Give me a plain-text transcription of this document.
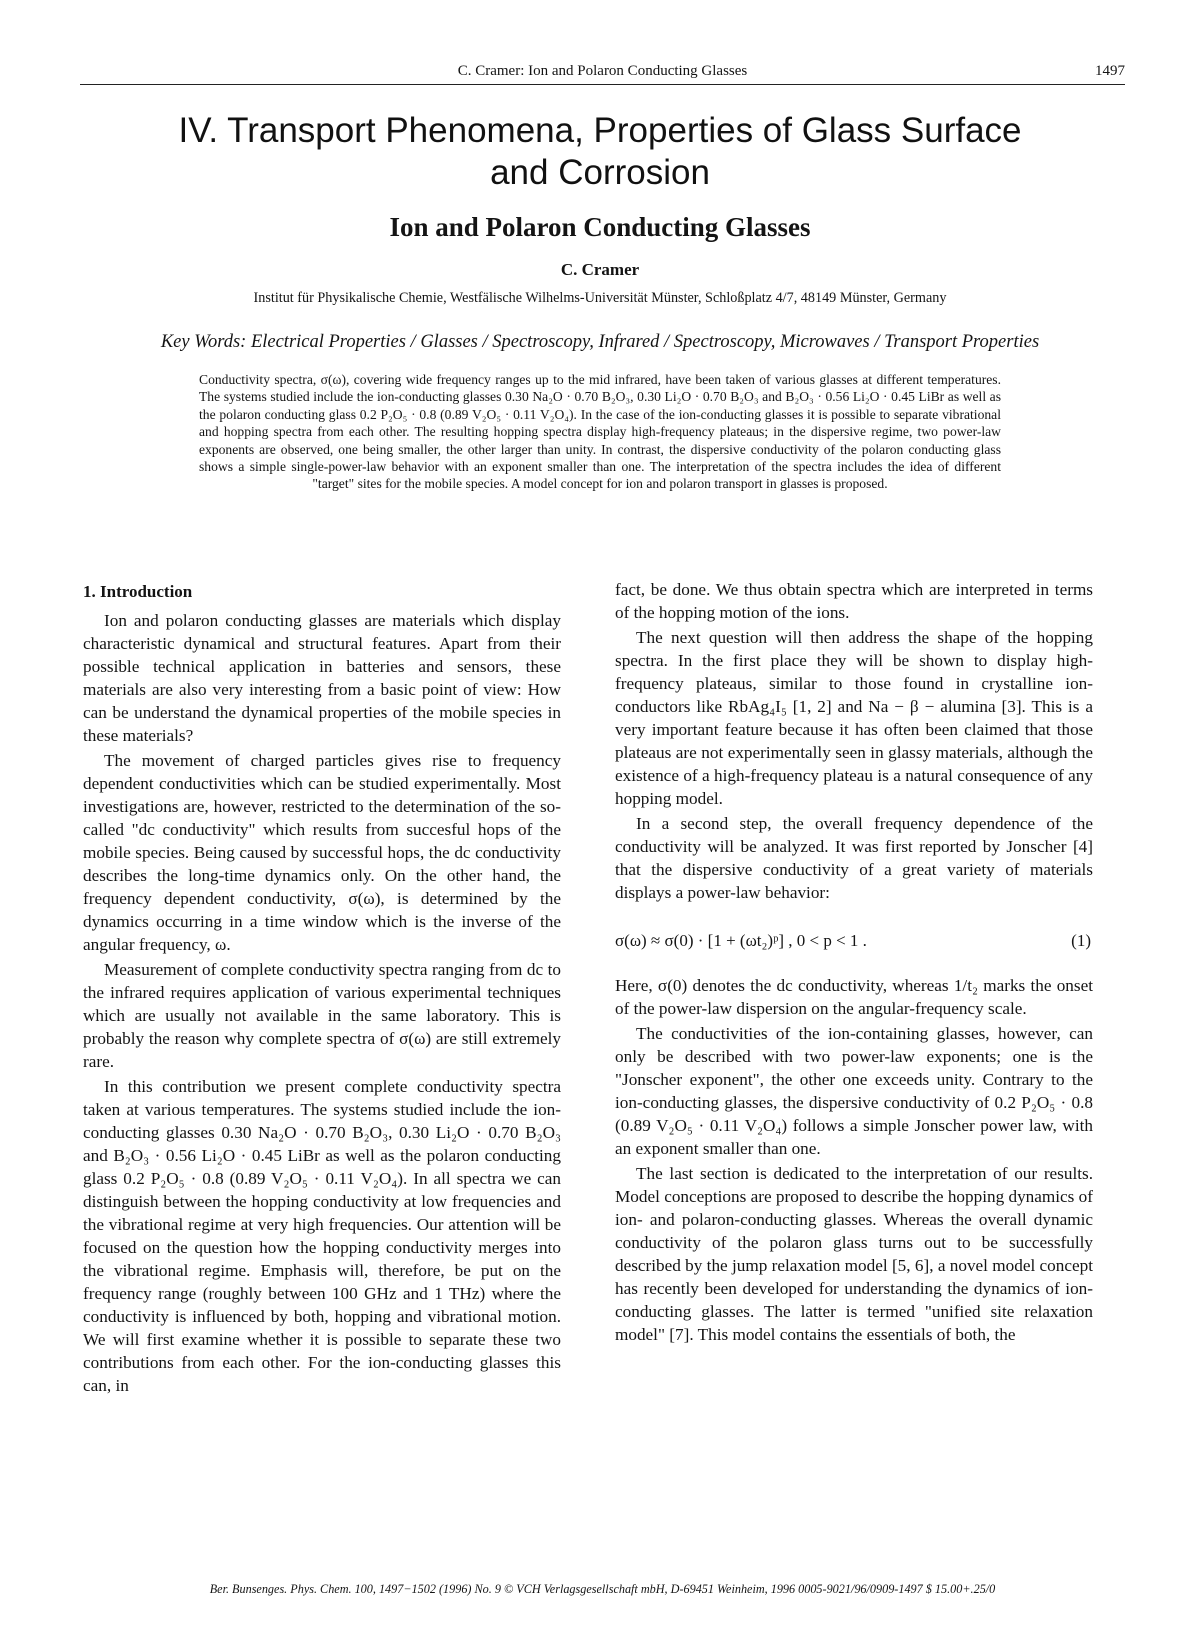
C. Cramer: Ion and Polaron Conducting Glasses	1497
IV. Transport Phenomena, Properties of Glass Surface
and Corrosion
Ion and Polaron Conducting Glasses
C. Cramer
Institut für Physikalische Chemie, Westfälische Wilhelms-Universität Münster, Schloßplatz 4/7, 48149 Münster, Germany
Key Words: Electrical Properties / Glasses / Spectroscopy, Infrared / Spectroscopy, Microwaves / Transport Properties
Conductivity spectra, σ(ω), covering wide frequency ranges up to the mid infrared, have been taken of various glasses at different temperatures. The systems studied include the ion-conducting glasses 0.30 Na₂O · 0.70 B₂O₃, 0.30 Li₂O · 0.70 B₂O₃ and B₂O₃ · 0.56 Li₂O · 0.45 LiBr as well as the polaron conducting glass 0.2 P₂O₅ · 0.8 (0.89 V₂O₅ · 0.11 V₂O₄). In the case of the ion-conducting glasses it is possible to separate vibrational and hopping spectra from each other. The resulting hopping spectra display high-frequency plateaus; in the dispersive regime, two power-law exponents are observed, one being smaller, the other larger than unity. In contrast, the dispersive conductivity of the polaron conducting glass shows a simple single-power-law behavior with an exponent smaller than one. The interpretation of the spectra includes the idea of different "target" sites for the mobile species. A model concept for ion and polaron transport in glasses is proposed.
1. Introduction

Ion and polaron conducting glasses are materials which display characteristic dynamical and structural features. Apart from their possible technical application in batteries and sensors, these materials are also very interesting from a basic point of view: How can be understand the dynamical properties of the mobile species in these materials?

The movement of charged particles gives rise to frequency dependent conductivities which can be studied experimentally. Most investigations are, however, restricted to the determination of the so-called "dc conductivity" which results from succesful hops of the mobile species. Being caused by successful hops, the dc conductivity describes the long-time dynamics only. On the other hand, the frequency dependent conductivity, σ(ω), is determined by the dynamics occurring in a time window which is the inverse of the angular frequency, ω.

Measurement of complete conductivity spectra ranging from dc to the infrared requires application of various experimental techniques which are usually not available in the same laboratory. This is probably the reason why complete spectra of σ(ω) are still extremely rare.

In this contribution we present complete conductivity spectra taken at various temperatures. The systems studied include the ion-conducting glasses 0.30 Na₂O · 0.70 B₂O₃, 0.30 Li₂O · 0.70 B₂O₃ and B₂O₃ · 0.56 Li₂O · 0.45 LiBr as well as the polaron conducting glass 0.2 P₂O₅ · 0.8 (0.89 V₂O₅ · 0.11 V₂O₄). In all spectra we can distinguish between the hopping conductivity at low frequencies and the vibrational regime at very high frequencies. Our attention will be focused on the question how the hopping conductivity merges into the vibrational regime. Emphasis will, therefore, be put on the frequency range (roughly between 100 GHz and 1 THz) where the conductivity is influenced by both, hopping and vibrational motion. We will first examine whether it is possible to separate these two contributions from each other. For the ion-conducting glasses this can, in

fact, be done. We thus obtain spectra which are interpreted in terms of the hopping motion of the ions.

The next question will then address the shape of the hopping spectra. In the first place they will be shown to display high-frequency plateaus, similar to those found in crystalline ion-conductors like RbAg₄I₅ [1, 2] and Na − β − alumina [3]. This is a very important feature because it has often been claimed that those plateaus are not experimentally seen in glassy materials, although the existence of a high-frequency plateau is a natural consequence of any hopping model.

In a second step, the overall frequency dependence of the conductivity will be analyzed. It was first reported by Jonscher [4] that the dispersive conductivity of a great variety of materials displays a power-law behavior:

σ(ω) ≈ σ(0) · [1 + (ωt₂)ᵖ] , 0 < p < 1 .	(1)

Here, σ(0) denotes the dc conductivity, whereas 1/t₂ marks the onset of the power-law dispersion on the angular-frequency scale.

The conductivities of the ion-containing glasses, however, can only be described with two power-law exponents; one is the "Jonscher exponent", the other one exceeds unity. Contrary to the ion-conducting glasses, the dispersive conductivity of 0.2 P₂O₅ · 0.8 (0.89 V₂O₅ · 0.11 V₂O₄) follows a simple Jonscher power law, with an exponent smaller than one.

The last section is dedicated to the interpretation of our results. Model conceptions are proposed to describe the hopping dynamics of ion- and polaron-conducting glasses. Whereas the overall dynamic conductivity of the polaron glass turns out to be successfully described by the jump relaxation model [5, 6], a novel model concept has recently been developed for understanding the dynamics of ion-conducting glasses. The latter is termed "unified site relaxation model" [7]. This model contains the essentials of both, the

Ber. Bunsenges. Phys. Chem. 100, 1497−1502 (1996) No. 9 © VCH Verlagsgesellschaft mbH, D-69451 Weinheim, 1996 0005-9021/96/0909-1497 $ 15.00+.25/0
